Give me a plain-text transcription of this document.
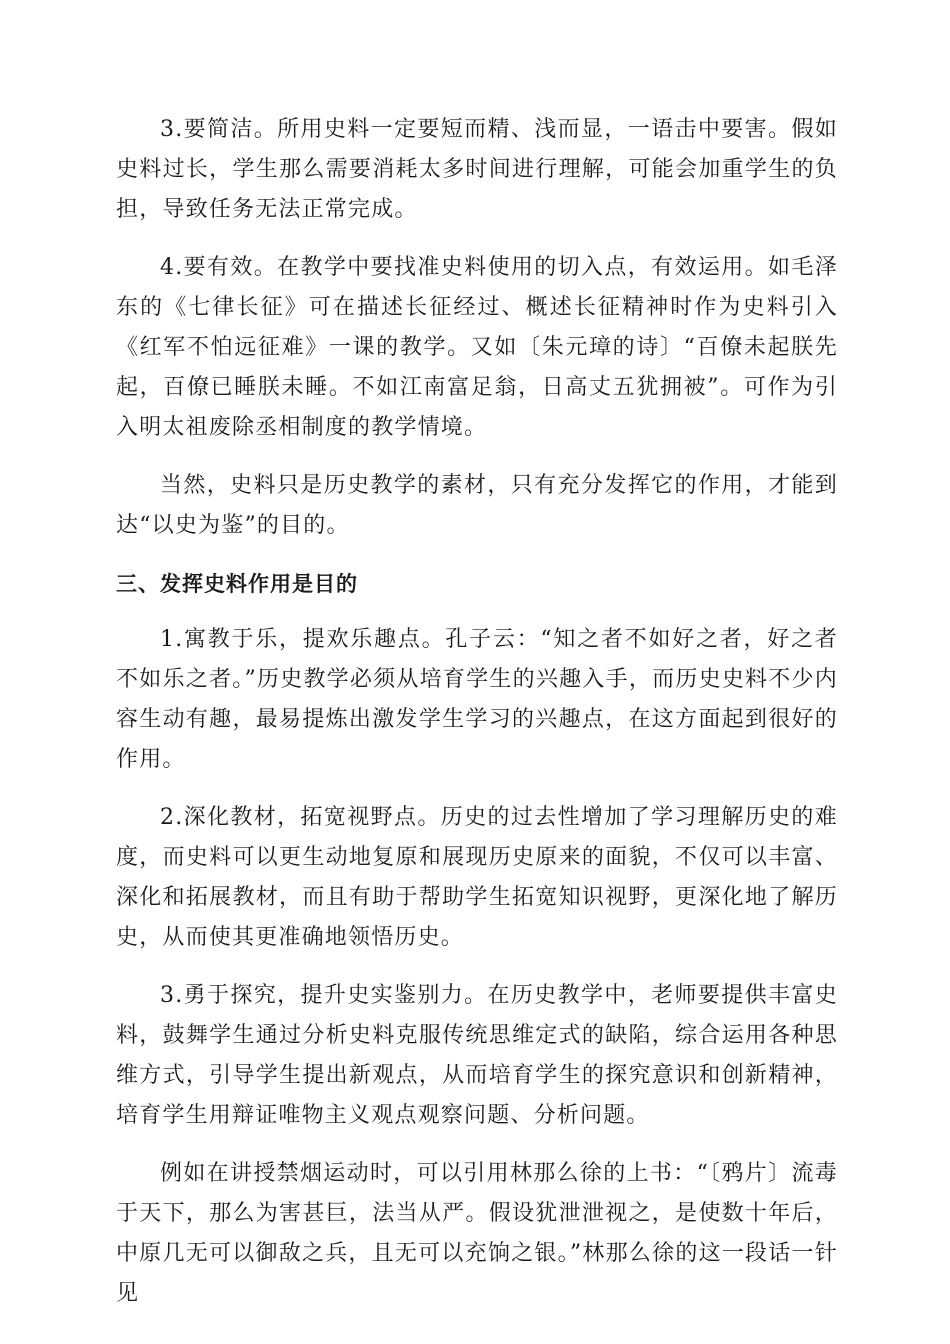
3.要简洁。所用史料一定要短而精、浅而显，一语击中要害。假如史料过长，学生那么需要消耗太多时间进行理解，可能会加重学生的负担，导致任务无法正常完成。

4.要有效。在教学中要找准史料使用的切入点，有效运用。如毛泽东的《七律长征》可在描述长征经过、概述长征精神时作为史料引入《红军不怕远征难》一课的教学。又如〔朱元璋的诗〕“百僚未起朕先起，百僚已睡朕未睡。不如江南富足翁，日高丈五犹拥被”。可作为引入明太祖废除丞相制度的教学情境。

当然，史料只是历史教学的素材，只有充分发挥它的作用，才能到达“以史为鉴”的目的。

三、发挥史料作用是目的

1.寓教于乐，提欢乐趣点。孔子云：“知之者不如好之者，好之者不如乐之者。”历史教学必须从培育学生的兴趣入手，而历史史料不少内容生动有趣，最易提炼出激发学生学习的兴趣点，在这方面起到很好的作用。

2.深化教材，拓宽视野点。历史的过去性增加了学习理解历史的难度，而史料可以更生动地复原和展现历史原来的面貌，不仅可以丰富、深化和拓展教材，而且有助于帮助学生拓宽知识视野，更深化地了解历史，从而使其更准确地领悟历史。

3.勇于探究，提升史实鉴别力。在历史教学中，老师要提供丰富史料，鼓舞学生通过分析史料克服传统思维定式的缺陷，综合运用各种思维方式，引导学生提出新观点，从而培育学生的探究意识和创新精神，培育学生用辩证唯物主义观点观察问题、分析问题。

例如在讲授禁烟运动时，可以引用林那么徐的上书：“〔鸦片〕流毒于天下，那么为害甚巨，法当从严。假设犹泄泄视之，是使数十年后，中原几无可以御敌之兵，且无可以充饷之银。”林那么徐的这一段话一针见
